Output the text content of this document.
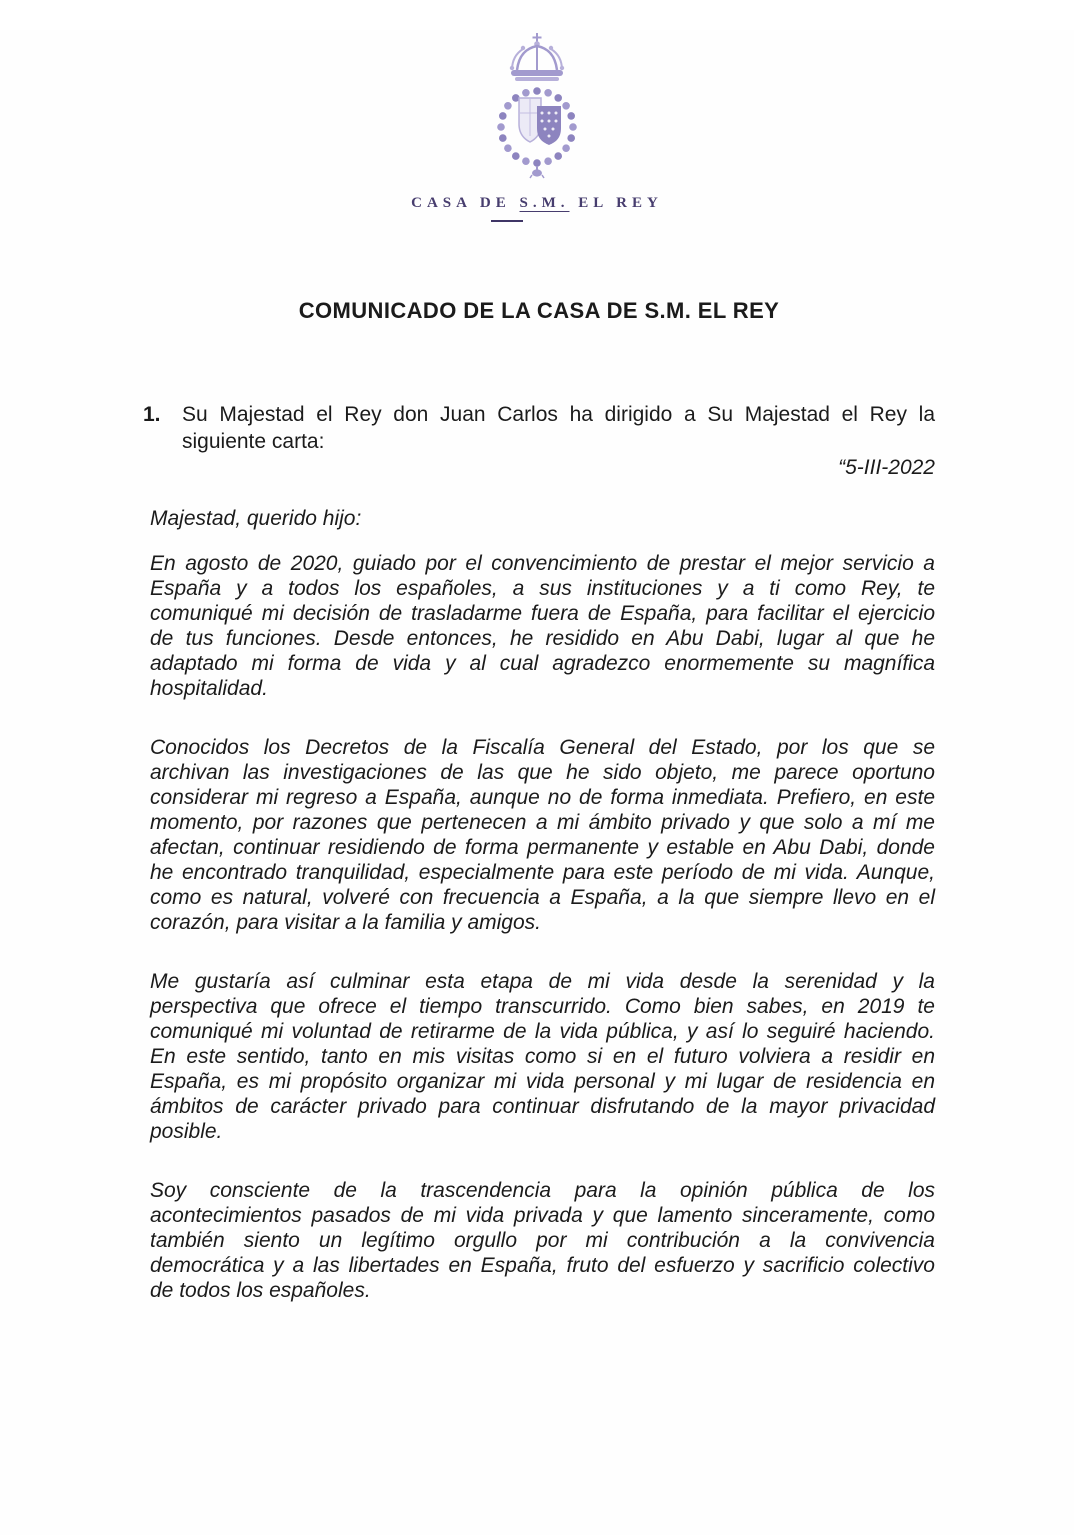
CASA DE S.M. EL REY
COMUNICADO DE LA CASA DE S.M. EL REY
1.	Su Majestad el Rey don Juan Carlos ha dirigido a Su Majestad el Rey la
siguiente carta:
“5-III-2022
Majestad, querido hijo:
En agosto de 2020, guiado por el convencimiento de prestar el mejor servicio a
España y a todos los españoles, a sus instituciones y a ti como Rey, te
comuniqué mi decisión de trasladarme fuera de España, para facilitar el ejercicio
de tus funciones. Desde entonces, he residido en Abu Dabi, lugar al que he
adaptado mi forma de vida y al cual agradezco enormemente su magnífica
hospitalidad.
Conocidos los Decretos de la Fiscalía General del Estado, por los que se
archivan las investigaciones de las que he sido objeto, me parece oportuno
considerar mi regreso a España, aunque no de forma inmediata. Prefiero, en este
momento, por razones que pertenecen a mi ámbito privado y que solo a mí me
afectan, continuar residiendo de forma permanente y estable en Abu Dabi, donde
he encontrado tranquilidad, especialmente para este período de mi vida. Aunque,
como es natural, volveré con frecuencia a España, a la que siempre llevo en el
corazón, para visitar a la familia y amigos.
Me gustaría así culminar esta etapa de mi vida desde la serenidad y la
perspectiva que ofrece el tiempo transcurrido. Como bien sabes, en 2019 te
comuniqué mi voluntad de retirarme de la vida pública, y así lo seguiré haciendo.
En este sentido, tanto en mis visitas como si en el futuro volviera a residir en
España, es mi propósito organizar mi vida personal y mi lugar de residencia en
ámbitos de carácter privado para continuar disfrutando de la mayor privacidad
posible.
Soy consciente de la trascendencia para la opinión pública de los
acontecimientos pasados de mi vida privada y que lamento sinceramente, como
también siento un legítimo orgullo por mi contribución a la convivencia
democrática y a las libertades en España, fruto del esfuerzo y sacrificio colectivo
de todos los españoles.
